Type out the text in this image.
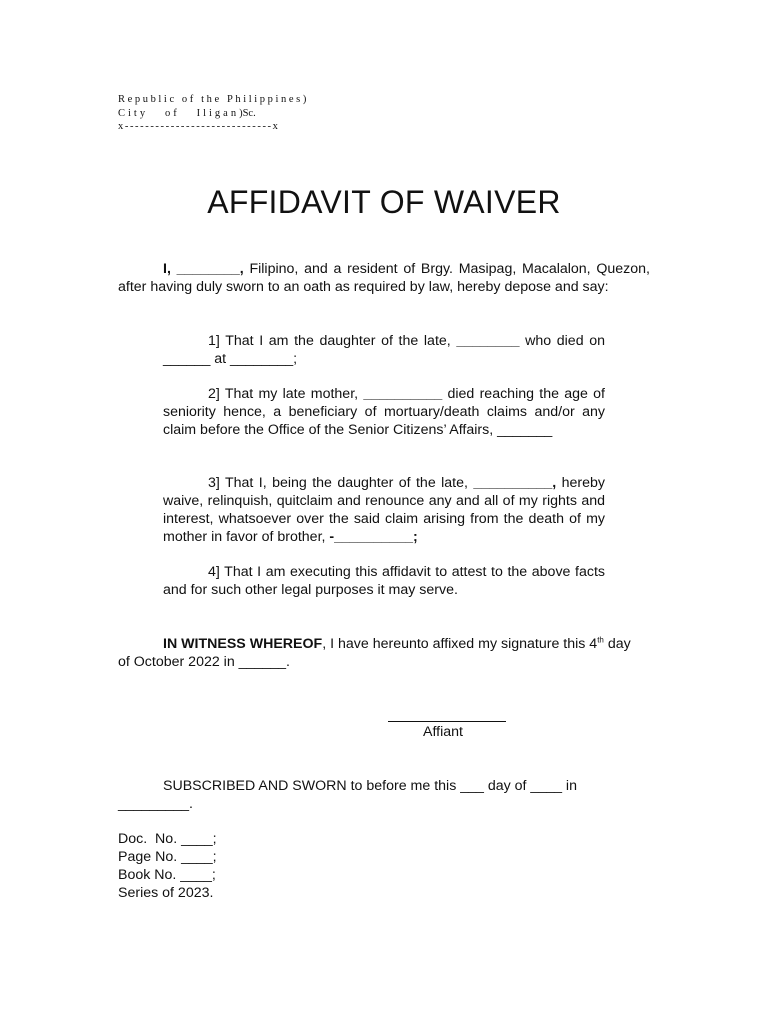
Republic of the Philippines)
City   of   Iligan)Sc.
x-----------------------------x
AFFIDAVIT OF WAIVER
I, ________, Filipino, and a resident of Brgy. Masipag, Macalalon, Quezon, after having duly sworn to an oath as required by law, hereby depose and say:
1] That I am the daughter of the late, ________ who died on ______ at ________;
2] That my late mother, __________ died reaching the age of seniority hence, a beneficiary of mortuary/death claims and/or any claim before the Office of the Senior Citizens’ Affairs, _______
3] That I, being the daughter of the late, __________, hereby waive, relinquish, quitclaim and renounce any and all of my rights and interest, whatsoever over the said claim arising from the death of my mother in favor of brother, -__________;
4] That I am executing this affidavit to attest to the above facts and for such other legal purposes it may serve.
IN WITNESS WHEREOF, I have hereunto affixed my signature this 4th day of October 2022 in ______.
Affiant
SUBSCRIBED AND SWORN to before me this ___ day of ____ in _________.
Doc.  No. ____;
Page No. ____;
Book No. ____;
Series of 2023.
